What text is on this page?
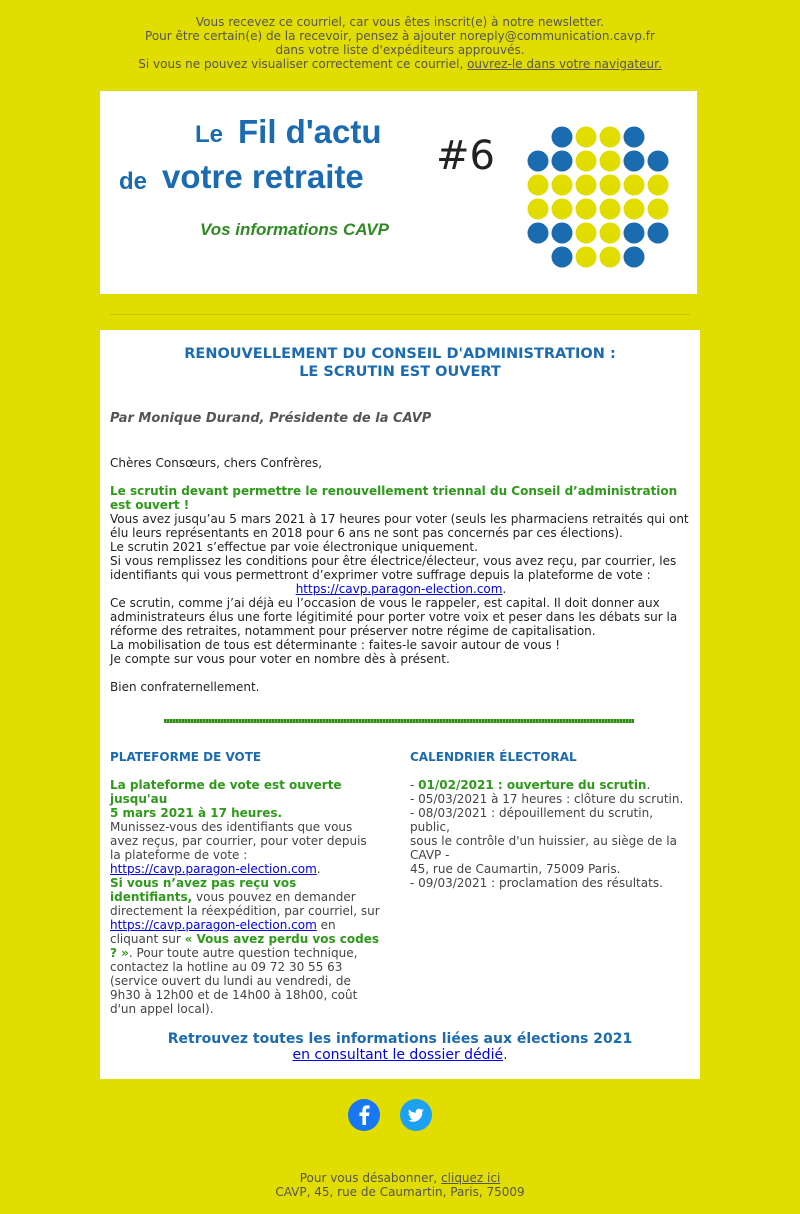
Vous recevez ce courriel, car vous êtes inscrit(e) à notre newsletter.
Pour être certain(e) de la recevoir, pensez à ajouter noreply@communication.cavp.fr
dans votre liste d'expéditeurs approuvés.
Si vous ne pouvez visualiser correctement ce courriel, ouvrez-le dans votre navigateur.
Le Fil d'actu
de votre retraite
Vos informations CAVP
#6
RENOUVELLEMENT DU CONSEIL D'ADMINISTRATION :
LE SCRUTIN EST OUVERT
Par Monique Durand, Présidente de la CAVP

Chères Consœurs, chers Confrères,

Le scrutin devant permettre le renouvellement triennal du Conseil d’administration est ouvert !

Vous avez jusqu’au 5 mars 2021 à 17 heures pour voter (seuls les pharmaciens retraités qui ont élu leurs représentants en 2018 pour 6 ans ne sont pas concernés par ces élections).

Le scrutin 2021 s’effectue par voie électronique uniquement.

Si vous remplissez les conditions pour être électrice/électeur, vous avez reçu, par courrier, les identifiants qui vous permettront d’exprimer votre suffrage depuis la plateforme de vote :

https://cavp.paragon-election.com.

Ce scrutin, comme j’ai déjà eu l’occasion de vous le rappeler, est capital. Il doit donner aux administrateurs élus une forte légitimité pour porter votre voix et peser dans les débats sur la réforme des retraites, notamment pour préserver notre régime de capitalisation.

La mobilisation de tous est déterminante : faites-le savoir autour de vous !

Je compte sur vous pour voter en nombre dès à présent.

Bien confraternellement.

PLATEFORME DE VOTE
La plateforme de vote est ouverte jusqu'au
5 mars 2021 à 17 heures.
Munissez-vous des identifiants que vous avez reçus, par courrier, pour voter depuis la plateforme de vote : https://cavp.paragon-election.com.
Si vous n’avez pas reçu vos identifiants, vous pouvez en demander directement la réexpédition, par courriel, sur https://cavp.paragon-election.com en cliquant sur « Vous avez perdu vos codes ? ». Pour toute autre question technique, contactez la hotline au 09 72 30 55 63 (service ouvert du lundi au vendredi, de 9h30 à 12h00 et de 14h00 à 18h00, coût d'un appel local).
CALENDRIER ÉLECTORAL
- 01/02/2021 : ouverture du scrutin.
- 05/03/2021 à 17 heures : clôture du scrutin.
- 08/03/2021 : dépouillement du scrutin, public,
sous le contrôle d'un huissier, au siège de la CAVP -
45, rue de Caumartin, 75009 Paris.
- 09/03/2021 : proclamation des résultats.
Retrouvez toutes les informations liées aux élections 2021
en consultant le dossier dédié.
Pour vous désabonner, cliquez ici
CAVP, 45, rue de Caumartin, Paris, 75009
